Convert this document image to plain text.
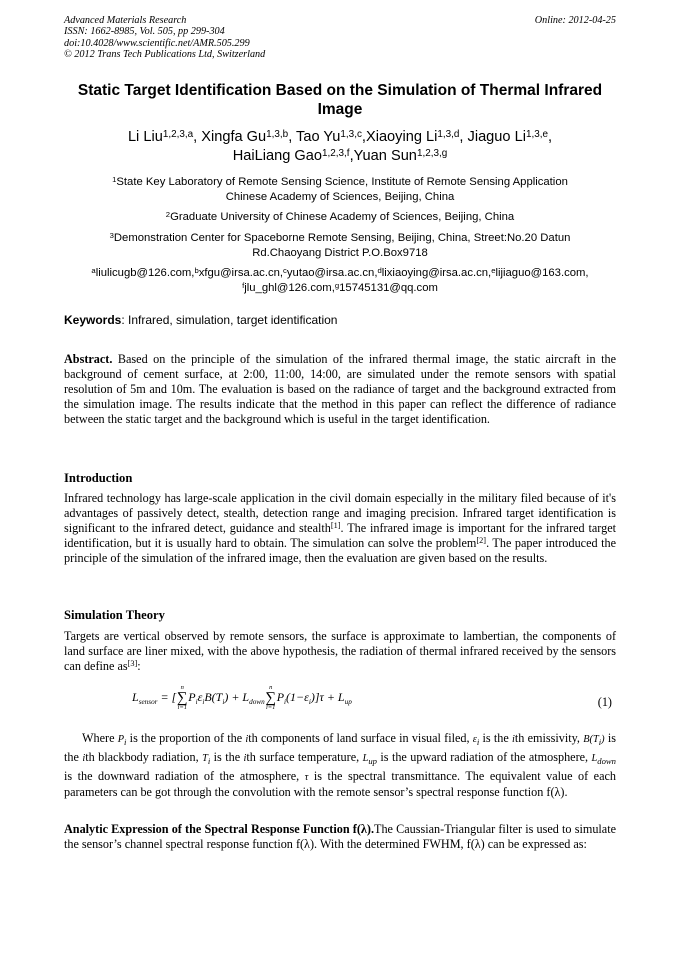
Advanced Materials Research
ISSN: 1662-8985, Vol. 505, pp 299-304
doi:10.4028/www.scientific.net/AMR.505.299
© 2012 Trans Tech Publications Ltd, Switzerland
Online: 2012-04-25
Static Target Identification Based on the Simulation of Thermal Infrared Image
Li Liu$^{1,2,3,a}$, Xingfa Gu$^{1,3,b}$, Tao Yu$^{1,3,c}$,Xiaoying Li$^{1,3,d}$, Jiaguo Li$^{1,3,e}$,
HaiLiang Gao$^{1,2,3,f}$,Yuan Sun$^{1,2,3,g}$
$^1$State Key Laboratory of Remote Sensing Science, Institute of Remote Sensing Application
Chinese Academy of Sciences, Beijing, China
$^2$Graduate University of Chinese Academy of Sciences, Beijing, China
$^3$Demonstration Center for Spaceborne Remote Sensing, Beijing, China, Street:No.20 Datun
Rd.Chaoyang District P.O.Box9718
$^a$liulicugb@126.com,$^b$xfgu@irsa.ac.cn,$^c$yutao@irsa.ac.cn,$^d$lixiaoying@irsa.ac.cn,$^e$lijiaguo@163.com,
$^f$jlu_ghl@126.com,$^g$15745131@qq.com
Keywords: Infrared, simulation, target identification
Abstract. Based on the principle of the simulation of the infrared thermal image, the static aircraft in the background of cement surface, at 2:00, 11:00, 14:00, are simulated under the remote sensors with spatial resolution of 5m and 10m. The evaluation is based on the radiance of target and the background extracted from the simulation image. The results indicate that the method in this paper can reflect the difference of radiance between the static target and the background which is useful in the target identification.
Introduction
Infrared technology has large-scale application in the civil domain especially in the military filed because of it's advantages of passively detect, stealth, detection range and imaging precision. Infrared target identification is significant to the infrared detect, guidance and stealth[1]. The infrared image is important for the infrared target identification, but it is usually hard to obtain. The simulation can solve the problem[2]. The paper introduced the principle of the simulation of the infrared image, then the evaluation are given based on the results.
Simulation Theory
Targets are vertical observed by remote sensors, the surface is approximate to lambertian, the components of land surface are liner mixed, with the above hypothesis, the radiation of thermal infrared received by the sensors can define as[3]:
$L_{sensor}$ = [
n
∑
i=1
$P_i\varepsilon_iB(T_i) + L_{down}$
n
∑
i=1
$P_i(1-\varepsilon_i)]\tau + L_{up}$	(1)
Where $P_i$ is the proportion of the ith components of land surface in visual filed, $\varepsilon_i$ is the ith emissivity, $B(T_i)$ is the ith blackbody radiation, $T_i$ is the ith surface temperature, $L_{up}$ is the upward radiation of the atmosphere, $L_{down}$ is the downward radiation of the atmosphere, τ is the spectral transmittance. The equivalent value of each parameters can be got through the convolution with the remote sensor’s spectral response function f(λ).
Analytic Expression of the Spectral Response Function f(λ).The Caussian-Triangular filter is used to simulate the sensor’s channel spectral response function f(λ). With the determined FWHM, f(λ) can be expressed as:
